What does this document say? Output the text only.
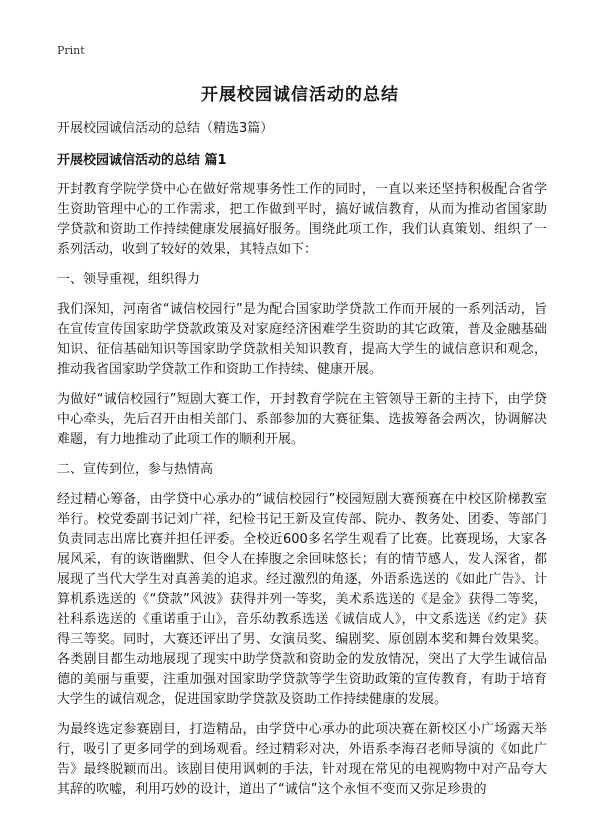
Print
开展校园诚信活动的总结

开展校园诚信活动的总结（精选3篇）

开展校园诚信活动的总结 篇1

开封教育学院学贷中心在做好常规事务性工作的同时，一直以来还坚持积极配合省学生资助管理中心的工作需求，把工作做到平时，搞好诚信教育，从而为推动省国家助学贷款和资助工作持续健康发展搞好服务。围绕此项工作，我们认真策划、组织了一系列活动，收到了较好的效果，其特点如下：

一、领导重视，组织得力

我们深知，河南省“诚信校园行”是为配合国家助学贷款工作而开展的一系列活动，旨在宣传宣传国家助学贷款政策及对家庭经济困难学生资助的其它政策，普及金融基础知识、征信基础知识等国家助学贷款相关知识教育，提高大学生的诚信意识和观念，推动我省国家助学贷款工作和资助工作持续、健康开展。

为做好“诚信校园行”短剧大赛工作，开封教育学院在主管领导王新的主持下，由学贷中心牵头，先后召开由相关部门、系部参加的大赛征集、选拔筹备会两次，协调解决难题，有力地推动了此项工作的顺利开展。

二、宣传到位，参与热情高

经过精心筹备，由学贷中心承办的“诚信校园行”校园短剧大赛预赛在中校区阶梯教室举行。校党委副书记刘广祥，纪检书记王新及宣传部、院办、教务处、团委、等部门负责同志出席比赛并担任评委。全校近600多名学生观看了比赛。比赛现场，大家各展风采，有的诙谐幽默、但令人在捧腹之余回味悠长；有的情节感人，发人深省，都展现了当代大学生对真善美的追求。经过激烈的角逐，外语系选送的《如此广告》、计算机系选送的《“贷款”风波》获得并列一等奖，美术系选送的《是金》获得二等奖，社科系选送的《重诺重于山》，音乐幼教系选送《诚信成人》，中文系选送《约定》获得三等奖。同时，大赛还评出了男、女演员奖、编剧奖、原创剧本奖和舞台效果奖。各类剧目都生动地展现了现实中助学贷款和资助金的发放情况，突出了大学生诚信品德的美丽与重要，注重加强对国家助学贷款等学生资助政策的宣传教育，有助于培育大学生的诚信观念，促进国家助学贷款及资助工作持续健康的发展。

为最终选定参赛剧目，打造精品，由学贷中心承办的此项决赛在新校区小广场露天举行，吸引了更多同学的到场观看。经过精彩对决，外语系李海召老师导演的《如此广告》最终脱颖而出。该剧目使用讽刺的手法，针对现在常见的电视购物中对产品夸大其辞的吹嘘，利用巧妙的设计，道出了“诚信”这个永恒不变而又弥足珍贵的
